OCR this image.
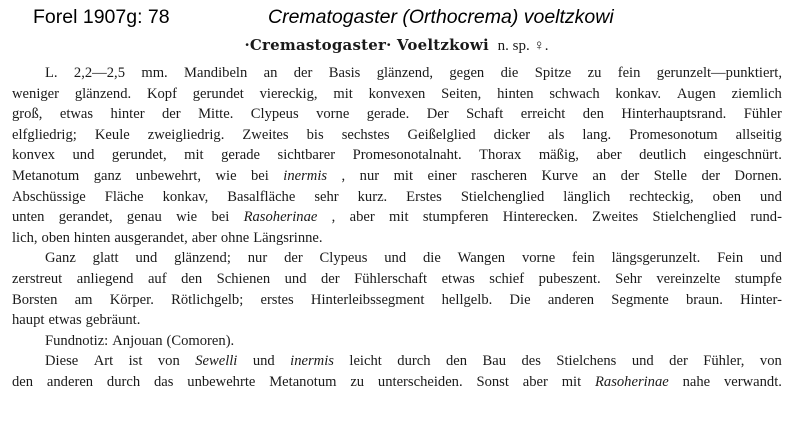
Forel 1907g: 78	Crematogaster (Orthocrema) voeltzkowi
·Cremastogaster· Voeltzkowi n. sp. ♀.
L. 2,2—2,5 mm. Mandibeln an der Basis glänzend, gegen die Spitze zu fein gerunzelt—punktiert,
weniger glänzend. Kopf gerundet viereckig, mit konvexen Seiten, hinten schwach konkav. Augen ziemlich
groß, etwas hinter der Mitte. Clypeus vorne gerade. Der Schaft erreicht den Hinterhauptsrand. Fühler
elfgliedrig; Keule zweigliedrig. Zweites bis sechstes Geißelglied dicker als lang. Promesonotum allseitig
konvex und gerundet, mit gerade sichtbarer Promesonotalnaht. Thorax mäßig, aber deutlich eingeschnürt.
Metanotum ganz unbewehrt, wie bei inermis , nur mit einer rascheren Kurve an der Stelle der Dornen.
Abschüssige Fläche konkav, Basalfläche sehr kurz. Erstes Stielchenglied länglich rechteckig, oben und
unten gerandet, genau wie bei Rasoherinae , aber mit stumpferen Hinterecken. Zweites Stielchenglied rund-
lich, oben hinten ausgerandet, aber ohne Längsrinne.
Ganz glatt und glänzend; nur der Clypeus und die Wangen vorne fein längsgerunzelt. Fein und
zerstreut anliegend auf den Schienen und der Fühlerschaft etwas schief pubeszent. Sehr vereinzelte stumpfe
Borsten am Körper. Rötlichgelb; erstes Hinterleibssegment hellgelb. Die anderen Segmente braun. Hinter-
haupt etwas gebräunt.
Fundnotiz: Anjouan (Comoren).
Diese Art ist von Sewelli und inermis leicht durch den Bau des Stielchens und der Fühler, von
den anderen durch das unbewehrte Metanotum zu unterscheiden. Sonst aber mit Rasoherinae nahe verwandt.
